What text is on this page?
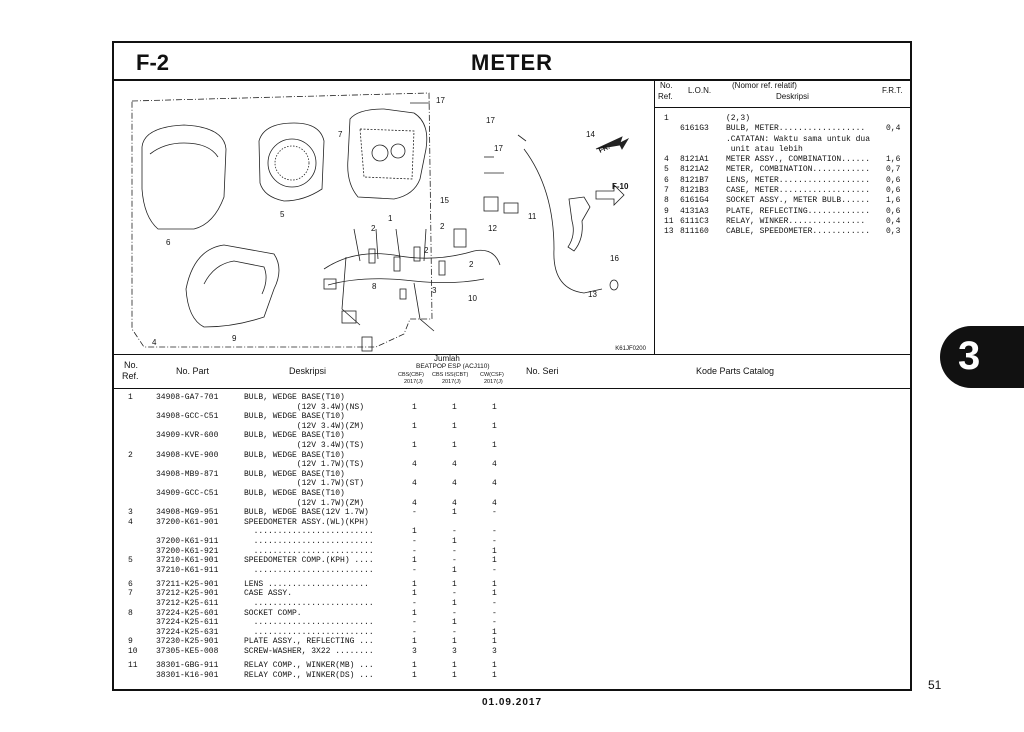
F-2	METER
1
2
2
2
2
3
4
5
6
7
8
9
10
11
12
13
14
15
16
17
17
17
F-10
FR.
K61JF0200
No.
Ref.
L.O.N.
(Nomor ref. relatif)
Deskripsi
F.R.T.
1	(2,3)
6161G3 BULB, METER..................	0,4
.CATATAN: Waktu sama untuk dua
unit atau lebih
4 8121A1 METER ASSY., COMBINATION...... 1,6
5 8121A2 METER, COMBINATION............ 0,7
6 8121B7 LENS, METER................... 0,6
7 8121B3 CASE, METER................... 0,6
8 6161G4 SOCKET ASSY., METER BULB...... 1,6
9 4131A3 PLATE, REFLECTING............. 0,6
11 6111C3 RELAY, WINKER................	0,4
13 811160 CABLE, SPEEDOMETER............ 0,3
No.
Ref.	No. Part	Deskripsi
Jumlah
BEATPOP ESP (ACJ110)
CBS(CBF)
2017(J)
CBS ISS(CBT)
2017(J)
CW(CSF)
2017(J)
No. Seri	Kode Parts Catalog
1	34908-GA7-701	BULB, WEDGE BASE(T10)
(12V 3.4W)(NS)	1	1	1
34908-GCC-C51	BULB, WEDGE BASE(T10)
(12V 3.4W)(ZM)	1	1	1
34909-KVR-600	BULB, WEDGE BASE(T10)
(12V 3.4W)(TS)	1	1	1
2	34908-KVE-900	BULB, WEDGE BASE(T10)
(12V 1.7W)(TS)	4	4	4
34908-MB9-871	BULB, WEDGE BASE(T10)
(12V 1.7W)(ST)	4	4	4
34909-GCC-C51	BULB, WEDGE BASE(T10)
(12V 1.7W)(ZM)	4	4	4
3	34908-MG9-951	BULB, WEDGE BASE(12V 1.7W)	-	1	-
4	37200-K61-901	SPEEDOMETER ASSY.(WL)(KPH)
.........................	1	-	-
37200-K61-911	.........................	-	1	-
37200-K61-921	.........................	-	-	1
5	37210-K61-901	SPEEDOMETER COMP.(KPH) ....	1	-	1
37210-K61-911	.........................	-	1	-
6	37211-K25-901	LENS .....................	1	1	1
7	37212-K25-901	CASE ASSY.	1	-	1
37212-K25-611	.........................	-	1	-
8	37224-K25-601	SOCKET COMP.	1	-	-
37224-K25-611	.........................	-	1	-
37224-K25-631	.........................	-	-	1
9	37230-K25-901	PLATE ASSY., REFLECTING ...	1	1	1
10 37305-KE5-008	SCREW-WASHER, 3X22 ........	3	3	3
11 38301-GBG-911	RELAY COMP., WINKER(MB) ...	1	1	1
38301-K16-901	RELAY COMP., WINKER(DS) ...	1	1	1
3
51
01.09.2017
